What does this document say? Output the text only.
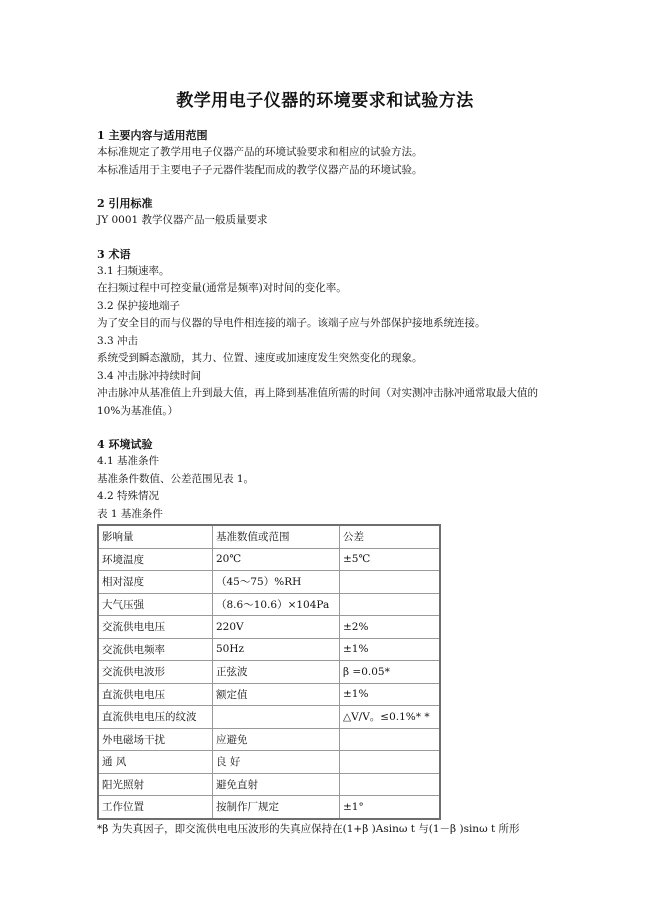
教学用电子仪器的环境要求和试验方法
1 主要内容与适用范围
本标准规定了教学用电子仪器产品的环境试验要求和相应的试验方法。
本标准适用于主要电子子元器件装配而成的教学仪器产品的环境试验。
2 引用标准
JY 0001 教学仪器产品一般质量要求
3 术语
3.1 扫频速率。
在扫频过程中可控变量(通常是频率)对时间的变化率。
3.2 保护接地端子
为了安全目的而与仪器的导电件相连接的端子。该端子应与外部保护接地系统连接。
3.3 冲击
系统受到瞬态激励，其力、位置、速度或加速度发生突然变化的现象。
3.4 冲击脉冲持续时间
冲击脉冲从基准值上升到最大值，再上降到基准值所需的时间（对实测冲击脉冲通常取最大值的 10%为基准值。）
4 环境试验
4.1 基准条件
基准条件数值、公差范围见表 1。
4.2 特殊情况
表 1 基准条件
影响量	基准数值或范围	公差
环境温度	20℃	±5℃
相对湿度	（45～75）%RH	
大气压强	（8.6～10.6）×104Pa	
交流供电电压	220V	±2%
交流供电频率	50Hz	±1%
交流供电波形	正弦波	β =0.05*
直流供电电压	额定值	±1%
直流供电电压的纹波		△V/V。≤0.1%* *
外电磁场干扰	应避免	
通 风	良 好	
阳光照射	避免直射	
工作位置	按制作厂规定	±1°
*β 为失真因子，即交流供电电压波形的失真应保持在(1+β )Asinω t 与(1－β )sinω t 所形
